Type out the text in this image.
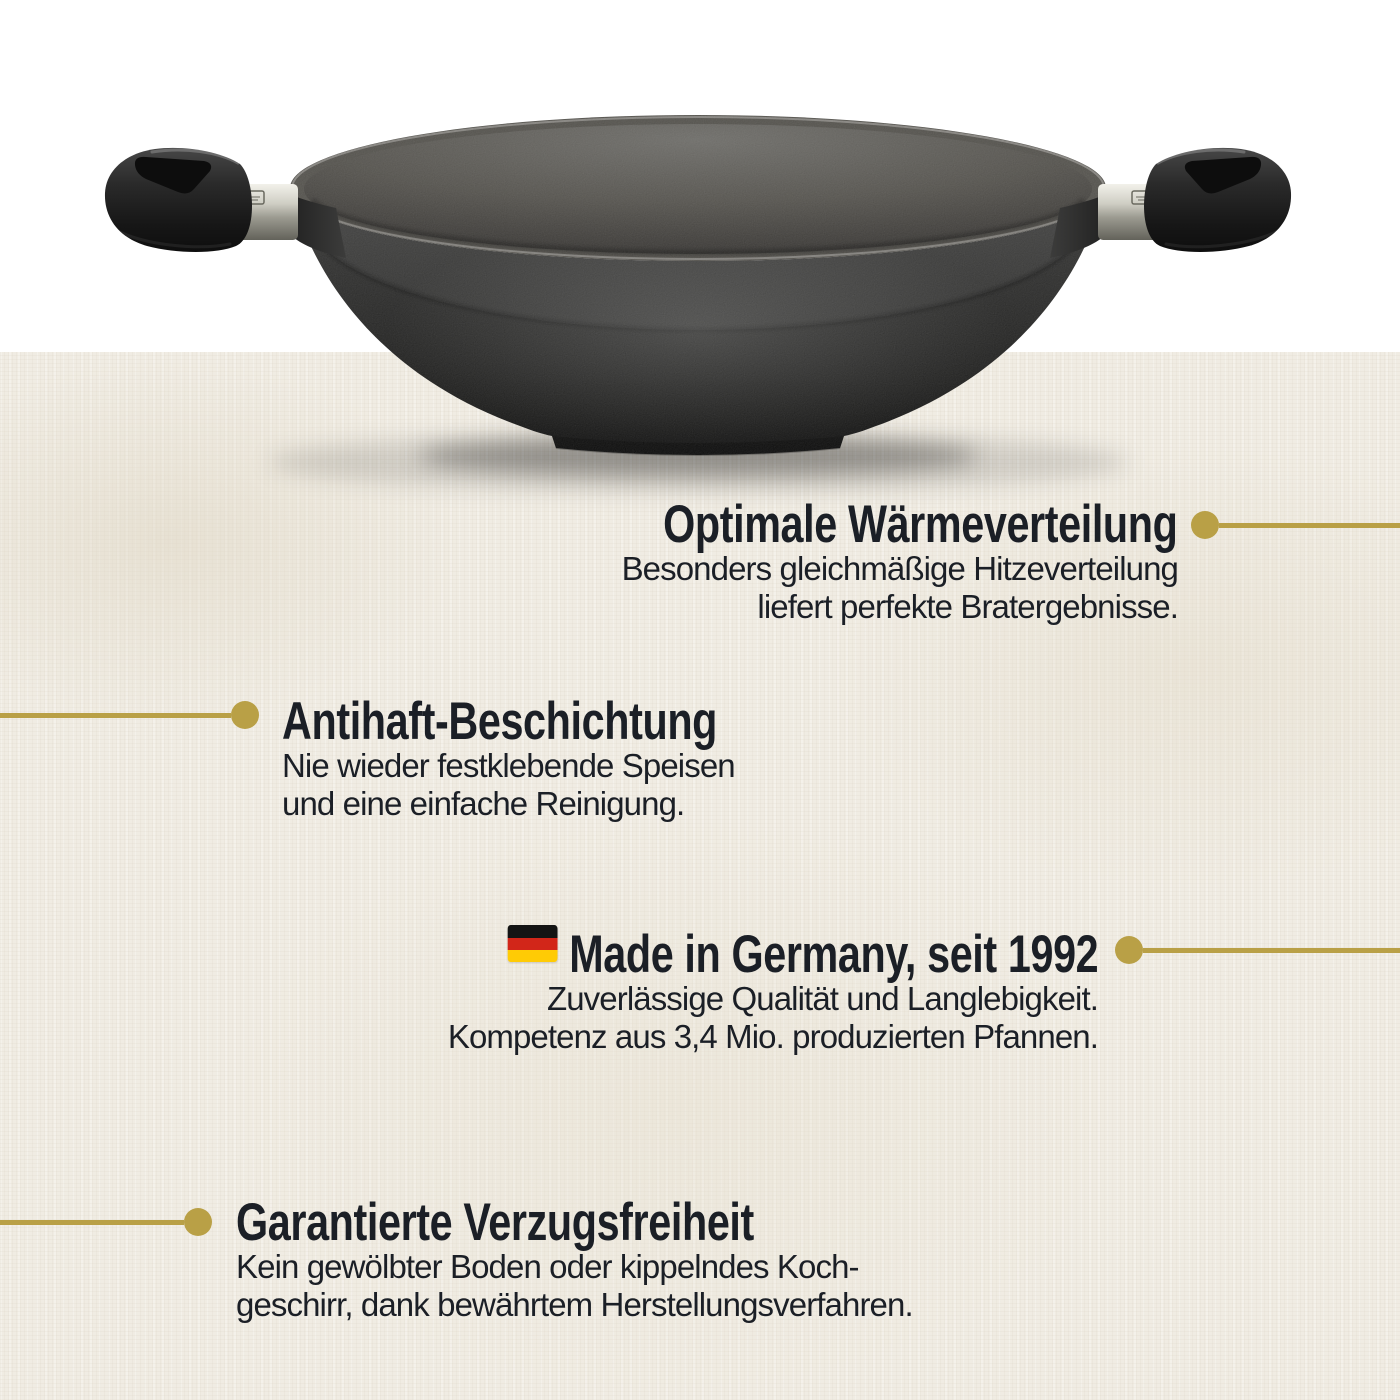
Optimale Wärmeverteilung

Besonders gleichmäßige Hitzeverteilung

liefert perfekte Bratergebnisse.

Antihaft-Beschichtung

Nie wieder festklebende Speisen

und eine einfache Reinigung.

Made in Germany, seit 1992

Zuverlässige Qualität und Langlebigkeit.

Kompetenz aus 3,4 Mio. produzierten Pfannen.

Garantierte Verzugsfreiheit

Kein gewölbter Boden oder kippelndes Koch-

geschirr, dank bewährtem Herstellungsverfahren.
